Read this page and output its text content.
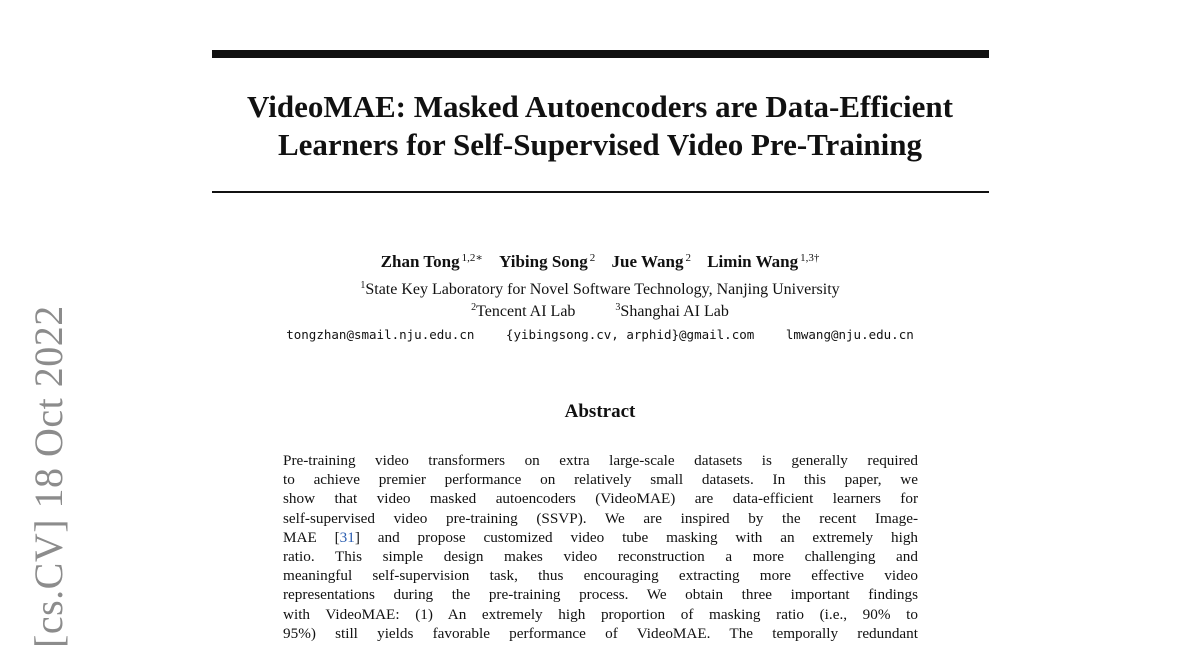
[cs.CV] 18 Oct 2022
VideoMAE: Masked Autoencoders are Data-Efficient
Learners for Self-Supervised Video Pre-Training
Zhan Tong $^{1,2∗}$ Yibing Song $^2$ Jue Wang $^2$ Limin Wang $^{1,3\dagger}$
$^1$State Key Laboratory for Novel Software Technology, Nanjing University
$^2$Tencent AI Lab	$^3$Shanghai AI Lab
tongzhan@smail.nju.edu.cn	{yibingsong.cv, arphid}@gmail.com	lmwang@nju.edu.cn
Abstract
Pre-training video transformers on extra large-scale datasets is generally required
to achieve premier performance on relatively small datasets. In this paper, we
show that video masked autoencoders (VideoMAE) are data-efficient learners for
self-supervised video pre-training (SSVP). We are inspired by the recent Image-
MAE [31] and propose customized video tube masking with an extremely high
ratio. This simple design makes video reconstruction a more challenging and
meaningful self-supervision task, thus encouraging extracting more effective video
representations during the pre-training process. We obtain three important findings
with VideoMAE: (1) An extremely high proportion of masking ratio (i.e., 90% to
95%) still yields favorable performance of VideoMAE. The temporally redundant
